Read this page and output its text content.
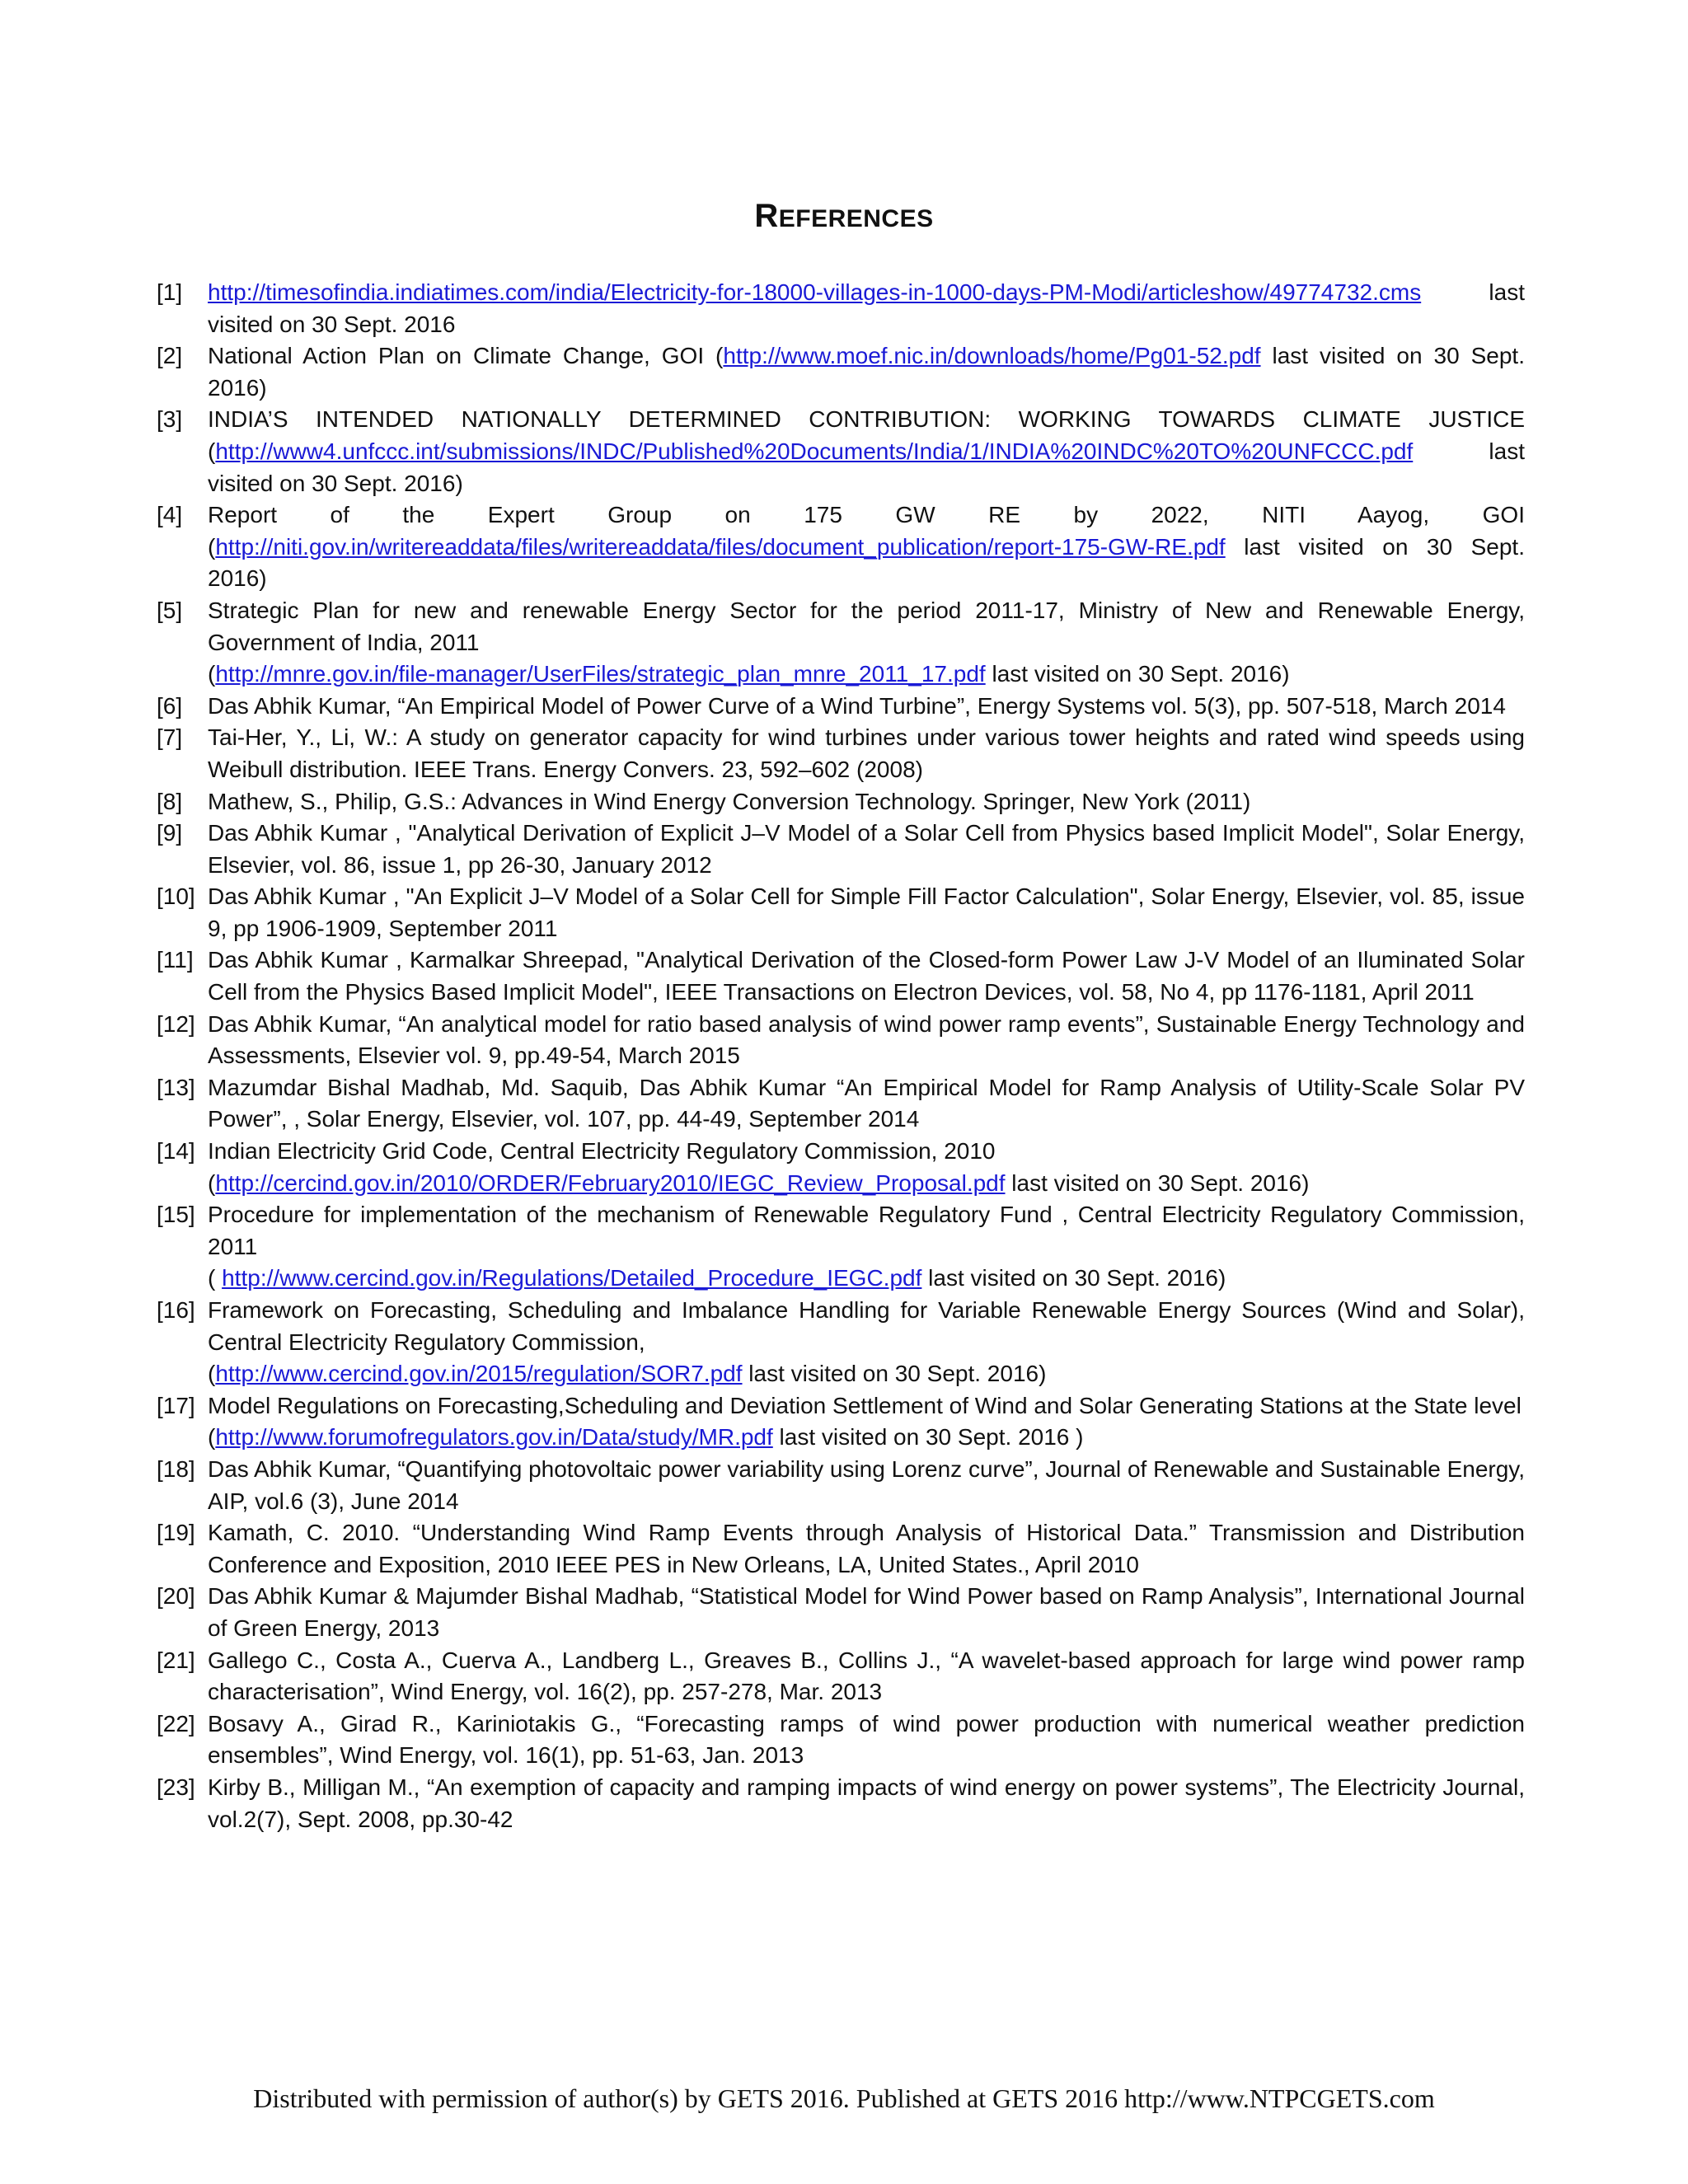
REFERENCES
[1] http://timesofindia.indiatimes.com/india/Electricity-for-18000-villages-in-1000-days-PM-Modi/articleshow/49774732.cms last visited on 30 Sept. 2016
[2] National Action Plan on Climate Change, GOI (http://www.moef.nic.in/downloads/home/Pg01-52.pdf last visited on 30 Sept. 2016)
[3] INDIA’S INTENDED NATIONALLY DETERMINED CONTRIBUTION: WORKING TOWARDS CLIMATE JUSTICE (http://www4.unfccc.int/submissions/INDC/Published%20Documents/India/1/INDIA%20INDC%20TO%20UNFCCC.pdf last visited on 30 Sept. 2016)
[4] Report of the Expert Group on 175 GW RE by 2022, NITI Aayog, GOI (http://niti.gov.in/writereaddata/files/writereaddata/files/document_publication/report-175-GW-RE.pdf last visited on 30 Sept. 2016)
[5] Strategic Plan for new and renewable Energy Sector for the period 2011-17, Ministry of New and Renewable Energy, Government of India, 2011
(http://mnre.gov.in/file-manager/UserFiles/strategic_plan_mnre_2011_17.pdf last visited on 30 Sept. 2016)
[6] Das Abhik Kumar, “An Empirical Model of Power Curve of a Wind Turbine”, Energy Systems vol. 5(3), pp. 507-518, March 2014
[7] Tai-Her, Y., Li, W.: A study on generator capacity for wind turbines under various tower heights and rated wind speeds using Weibull distribution. IEEE Trans. Energy Convers. 23, 592–602 (2008)
[8] Mathew, S., Philip, G.S.: Advances in Wind Energy Conversion Technology. Springer, New York (2011)
[9] Das Abhik Kumar , "Analytical Derivation of Explicit J–V Model of a Solar Cell from Physics based Implicit Model", Solar Energy, Elsevier, vol. 86, issue 1, pp 26-30, January 2012
[10] Das Abhik Kumar , "An Explicit J–V Model of a Solar Cell for Simple Fill Factor Calculation", Solar Energy, Elsevier, vol. 85, issue 9, pp 1906-1909, September 2011
[11] Das Abhik Kumar , Karmalkar Shreepad, "Analytical Derivation of the Closed-form Power Law J-V Model of an Iluminated Solar Cell from the Physics Based Implicit Model", IEEE Transactions on Electron Devices, vol. 58, No 4, pp 1176-1181, April 2011
[12] Das Abhik Kumar, “An analytical model for ratio based analysis of wind power ramp events”, Sustainable Energy Technology and Assessments, Elsevier vol. 9, pp.49-54, March 2015
[13] Mazumdar Bishal Madhab, Md. Saquib, Das Abhik Kumar “An Empirical Model for Ramp Analysis of Utility-Scale Solar PV Power”, , Solar Energy, Elsevier, vol. 107, pp. 44-49, September 2014
[14] Indian Electricity Grid Code, Central Electricity Regulatory Commission, 2010
(http://cercind.gov.in/2010/ORDER/February2010/IEGC_Review_Proposal.pdf last visited on 30 Sept. 2016)
[15] Procedure for implementation of the mechanism of Renewable Regulatory Fund , Central Electricity Regulatory Commission, 2011
( http://www.cercind.gov.in/Regulations/Detailed_Procedure_IEGC.pdf last visited on 30 Sept. 2016)
[16] Framework on Forecasting, Scheduling and Imbalance Handling for Variable Renewable Energy Sources (Wind and Solar), Central Electricity Regulatory Commission,
(http://www.cercind.gov.in/2015/regulation/SOR7.pdf last visited on 30 Sept. 2016)
[17] Model Regulations on Forecasting,Scheduling and Deviation Settlement of Wind and Solar Generating Stations at the State level
(http://www.forumofregulators.gov.in/Data/study/MR.pdf last visited on 30 Sept. 2016 )
[18] Das Abhik Kumar, “Quantifying photovoltaic power variability using Lorenz curve”, Journal of Renewable and Sustainable Energy, AIP, vol.6 (3), June 2014
[19] Kamath, C. 2010. “Understanding Wind Ramp Events through Analysis of Historical Data.” Transmission and Distribution Conference and Exposition, 2010 IEEE PES in New Orleans, LA, United States., April 2010
[20] Das Abhik Kumar & Majumder Bishal Madhab, “Statistical Model for Wind Power based on Ramp Analysis”, International Journal of Green Energy, 2013
[21] Gallego C., Costa A., Cuerva A., Landberg L., Greaves B., Collins J., “A wavelet-based approach for large wind power ramp characterisation”, Wind Energy, vol. 16(2), pp. 257-278, Mar. 2013
[22] Bosavy A., Girad R., Kariniotakis G., “Forecasting ramps of wind power production with numerical weather prediction ensembles”, Wind Energy, vol. 16(1), pp. 51-63, Jan. 2013
[23] Kirby B., Milligan M., “An exemption of capacity and ramping impacts of wind energy on power systems”, The Electricity Journal, vol.2(7), Sept. 2008, pp.30-42
Distributed with permission of author(s) by GETS 2016. Published at GETS 2016 http://www.NTPCGETS.com
